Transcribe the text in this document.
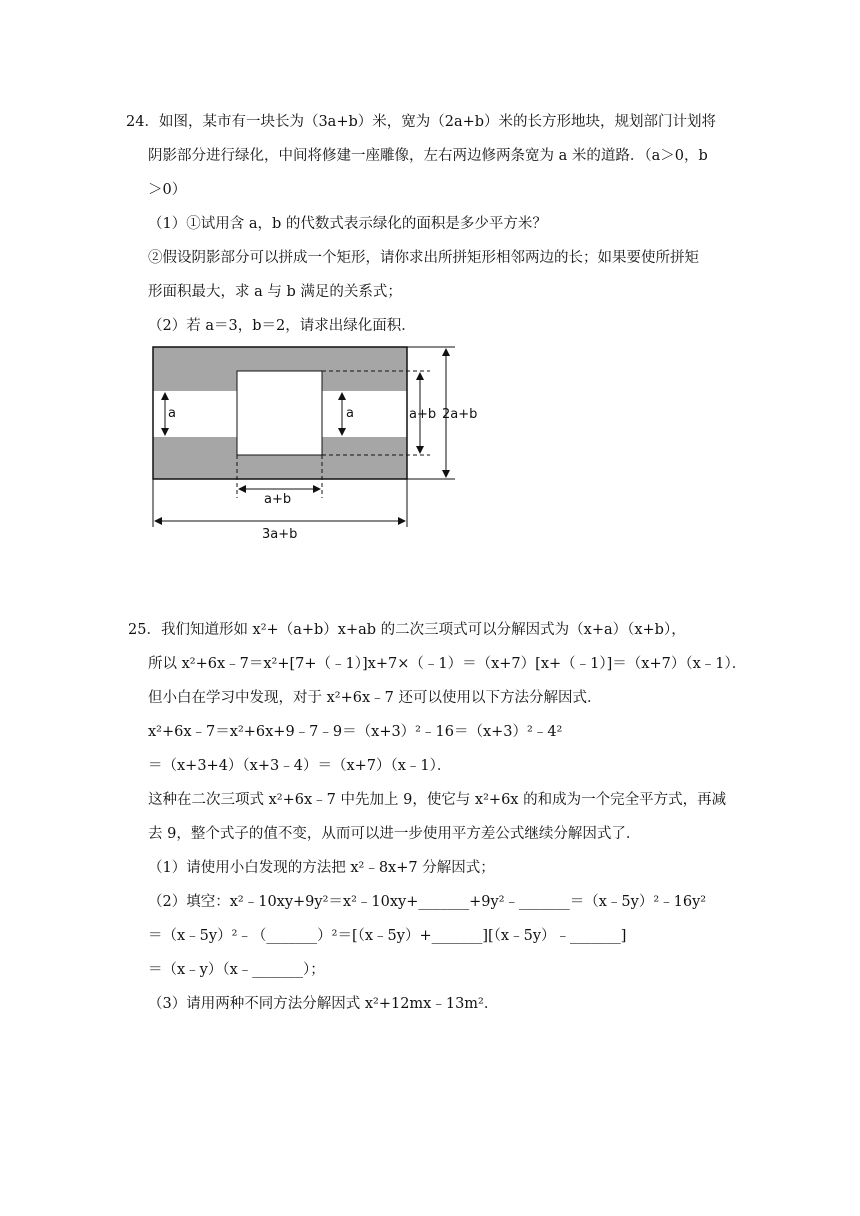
24．如图，某市有一块长为（3a+b）米，宽为（2a+b）米的长方形地块，规划部门计划将
阴影部分进行绿化，中间将修建一座雕像，左右两边修两条宽为 a 米的道路．（a＞0，b
＞0）
（1）①试用含 a，b 的代数式表示绿化的面积是多少平方米？
②假设阴影部分可以拼成一个矩形，请你求出所拼矩形相邻两边的长；如果要使所拼矩
形面积最大，求 a 与 b 满足的关系式；
（2）若 a＝3，b＝2，请求出绿化面积．
a	a	a+b 2a+b
a+b
3a+b
25．我们知道形如 x²+（a+b）x+ab 的二次三项式可以分解因式为（x+a）（x+b），
所以 x²+6x﹣7＝x²+[7+（﹣1）]x+7×（﹣1）＝（x+7）[x+（﹣1）]＝（x+7）（x﹣1）．
但小白在学习中发现，对于 x²+6x﹣7 还可以使用以下方法分解因式．
x²+6x﹣7＝x²+6x+9﹣7﹣9＝（x+3）²﹣16＝（x+3）²﹣4²
＝（x+3+4）（x+3﹣4）＝（x+7）（x﹣1）．
这种在二次三项式 x²+6x﹣7 中先加上 9，使它与 x²+6x 的和成为一个完全平方式，再减
去 9，整个式子的值不变，从而可以进一步使用平方差公式继续分解因式了．
（1）请使用小白发现的方法把 x²﹣8x+7 分解因式；
（2）填空：x²﹣10xy+9y²＝x²﹣10xy+_______+9y²﹣_______＝（x﹣5y）²﹣16y²
＝（x﹣5y）²﹣（_______）²＝[（x﹣5y）+_______][（x﹣5y）﹣_______]
＝（x﹣y）（x﹣_______）；
（3）请用两种不同方法分解因式 x²+12mx﹣13m²．
